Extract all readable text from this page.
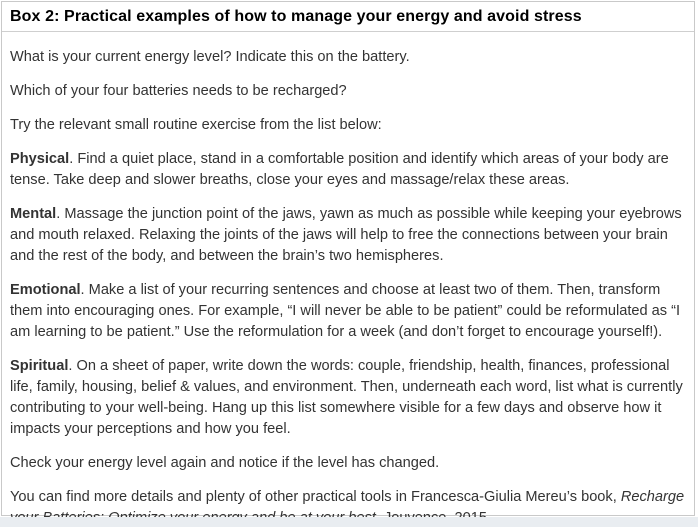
Box 2: Practical examples of how to manage your energy and avoid stress

What is your current energy level? Indicate this on the battery.

Which of your four batteries needs to be recharged?

Try the relevant small routine exercise from the list below:

Physical. Find a quiet place, stand in a comfortable position and identify which areas of your body are tense. Take deep and slower breaths, close your eyes and massage/relax these areas.

Mental. Massage the junction point of the jaws, yawn as much as possible while keeping your eyebrows and mouth relaxed. Relaxing the joints of the jaws will help to free the connections between your brain and the rest of the body, and between the brain’s two hemispheres.

Emotional. Make a list of your recurring sentences and choose at least two of them. Then, transform them into encouraging ones. For example, “I will never be able to be patient” could be reformulated as “I am learning to be patient.” Use the reformulation for a week (and don’t forget to encourage yourself!).

Spiritual. On a sheet of paper, write down the words: couple, friendship, health, finances, professional life, family, housing, belief & values, and environment. Then, underneath each word, list what is currently contributing to your well-being. Hang up this list somewhere visible for a few days and observe how it impacts your perceptions and how you feel.

Check your energy level again and notice if the level has changed.

You can find more details and plenty of other practical tools in Francesca-Giulia Mereu’s book, Recharge
